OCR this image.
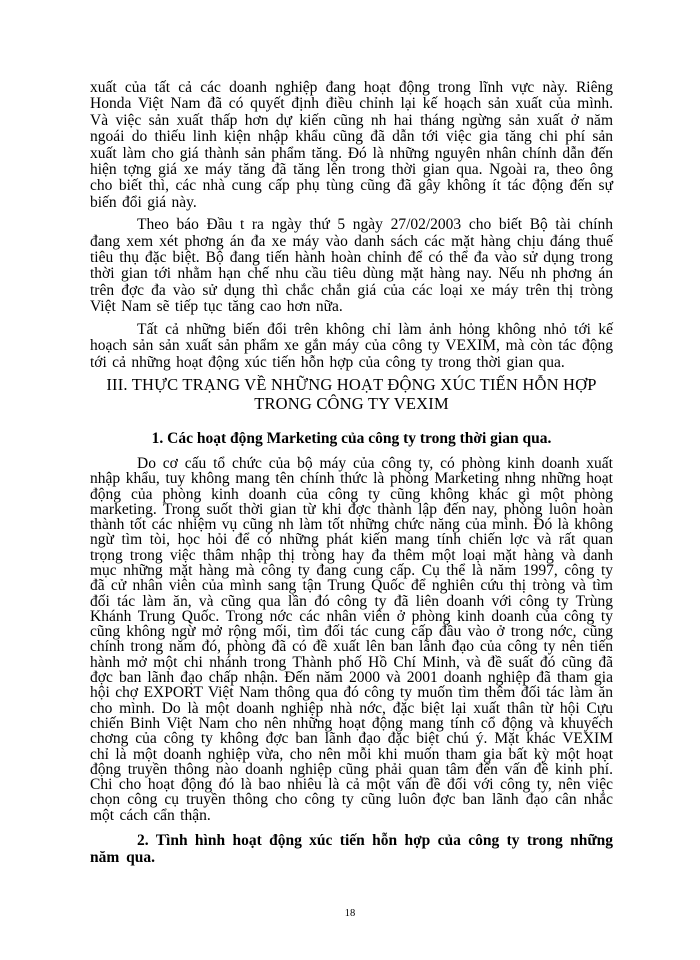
xuất của tất cả các doanh nghiệp đang hoạt động trong lĩnh vực này. Riêng Honda Việt Nam đã có quyết định điều chỉnh lại kế hoạch sản xuất của mình. Và việc sản xuất thấp hơn dự kiến cũng nh hai tháng ngừng sản xuất ở năm ngoái do thiếu linh kiện nhập khẩu cũng đã dẫn tới việc gia tăng chi phí sản xuất làm cho giá thành sản phẩm tăng. Đó là những nguyên nhân chính dẫn đến hiện tợng giá xe máy tăng đã tăng lên trong thời gian qua. Ngoài ra, theo ông cho biết thì, các nhà cung cấp phụ tùng cũng đã gây không ít tác động đến sự biến đổi giá này.

Theo báo Đầu t ra ngày thứ 5 ngày 27/02/2003 cho biết Bộ tài chính đang xem xét phơng án đa xe máy vào danh sách các mặt hàng chịu đáng thuế tiêu thụ đặc biệt. Bộ đang tiến hành hoàn chỉnh để có thể đa vào sử dụng trong thời gian tới nhằm hạn chế nhu cầu tiêu dùng mặt hàng nay. Nếu nh phơng án trên đợc đa vào sử dụng thì chắc chắn giá của các loại xe máy trên thị tròng Việt Nam sẽ tiếp tục tăng cao hơn nữa.

Tất cả những biến đổi trên không chỉ làm ảnh hỏng không nhỏ tới kế hoạch sản sản xuất sản phẩm xe gắn máy của công ty VEXIM, mà còn tác động tới cả những hoạt động xúc tiến hỗn hợp của công ty trong thời gian qua.

III. THỰC TRẠNG VỀ NHỮNG HOẠT ĐỘNG XÚC TIẾN HỖN HỢP TRONG CÔNG TY VEXIM
1. Các hoạt động Marketing của công ty trong thời gian qua.

Do cơ cấu tổ chức của bộ máy của công ty, có phòng kinh doanh xuất nhập khẩu, tuy không mang tên chính thức là phòng Marketing nhng những hoạt động của phòng kinh doanh của công ty cũng không khác gì một phòng marketing. Trong suốt thời gian từ khi đợc thành lập đến nay, phòng luôn hoàn thành tốt các nhiệm vụ cũng nh làm tốt những chức năng của mình. Đó là không ngừ tìm tòi, học hỏi để có những phát kiến mang tính chiến lợc và rất quan trọng trong việc thâm nhập thị tròng hay đa thêm một loại mặt hàng và danh mục những mặt hàng mà công ty đang cung cấp. Cụ thể là năm 1997, công ty đã cử nhân viên của mình sang tận Trung Quốc để nghiên cứu thị tròng và tìm đối tác làm ăn, và cũng qua lần đó công ty đã liên doanh với công ty Trùng Khánh Trung Quốc. Trong nớc các nhân viên ở phòng kinh doanh của công ty cũng không ngừ mở rộng mối, tìm đối tác cung cấp đầu vào ở trong nớc, cũng chính trong năm đó, phòng đã có đề xuất lên ban lãnh đạo của công ty nên tiến hành mở một chi nhánh trong Thành phố Hồ Chí Minh, và đề suất đó cũng đã đợc ban lãnh đạo chấp nhận. Đến năm 2000 và 2001 doanh nghiệp đã tham gia hội chợ EXPORT Việt Nam thông qua đó công ty muốn tìm thêm đối tác làm ăn cho mình. Do là một doanh nghiệp nhà nớc, đặc biệt lại xuất thân từ hội Cựu chiến Binh Việt Nam cho nên những hoạt động mang tính cổ động và khuyếch chơng của công ty không đợc ban lãnh đạo đặc biệt chú ý. Mặt khác VEXIM chỉ là một doanh nghiệp vừa, cho nên mỗi khi muốn tham gia bất kỳ một hoạt động truyền thông nào doanh nghiệp cũng phải quan tâm đến vấn đề kinh phí. Chi cho hoạt động đó là bao nhiêu là cả một vấn đề đối với công ty, nên việc chọn công cụ truyền thông cho công ty cũng luôn đợc ban lãnh đạo cân nhắc một cách cẩn thận.

2. Tình hình hoạt động xúc tiến hỗn hợp của công ty trong những năm qua.
18
